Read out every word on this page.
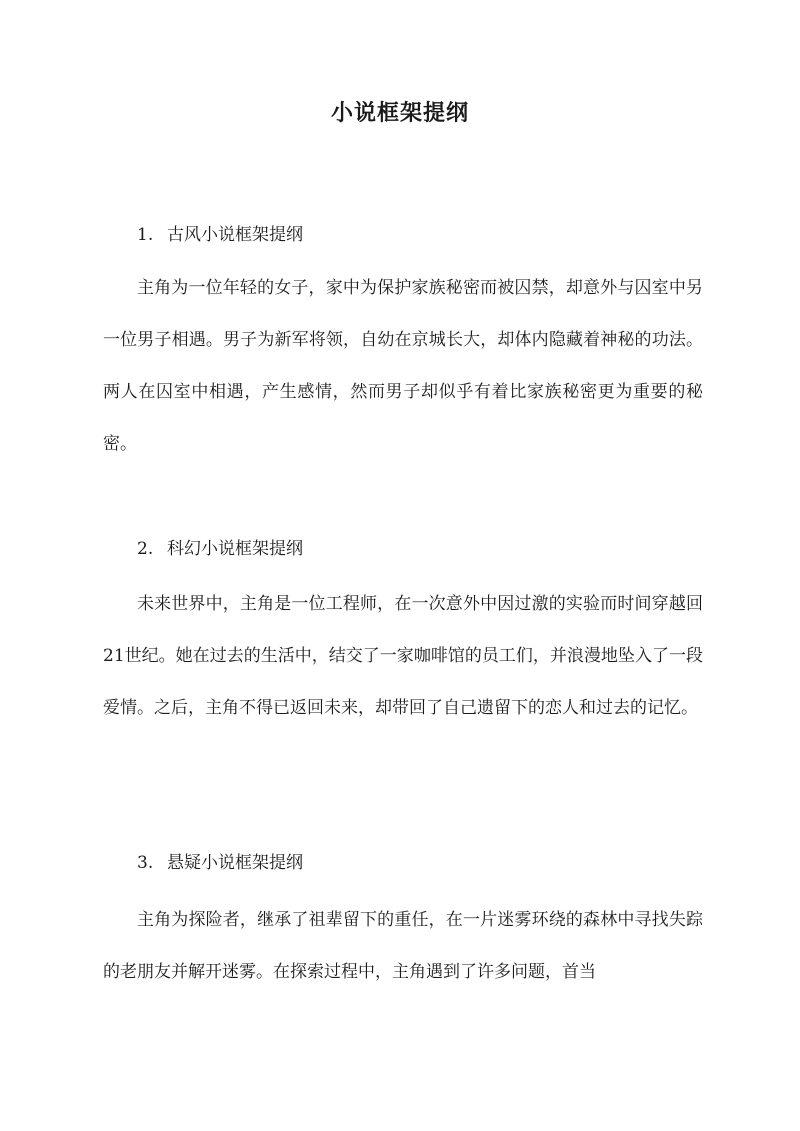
小说框架提纲
1. 古风小说框架提纲

主角为一位年轻的女子，家中为保护家族秘密而被囚禁，却意外与囚室中另一位男子相遇。男子为新军将领，自幼在京城长大，却体内隐藏着神秘的功法。两人在囚室中相遇，产生感情，然而男子却似乎有着比家族秘密更为重要的秘密。

2. 科幻小说框架提纲

未来世界中，主角是一位工程师，在一次意外中因过激的实验而时间穿越回21世纪。她在过去的生活中，结交了一家咖啡馆的员工们，并浪漫地坠入了一段爱情。之后，主角不得已返回未来，却带回了自己遗留下的恋人和过去的记忆。

3. 悬疑小说框架提纲

主角为探险者，继承了祖辈留下的重任，在一片迷雾环绕的森林中寻找失踪的老朋友并解开迷雾。在探索过程中，主角遇到了许多问题，首当
